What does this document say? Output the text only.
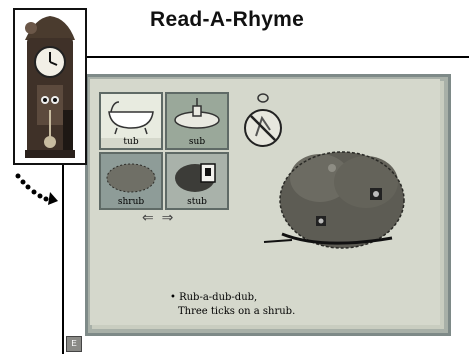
Read-A-Rhyme
tub	sub
shrub	stub
⇐ ⇒
• Rub-a-dub-dub,
Three ticks on a shrub.
E
